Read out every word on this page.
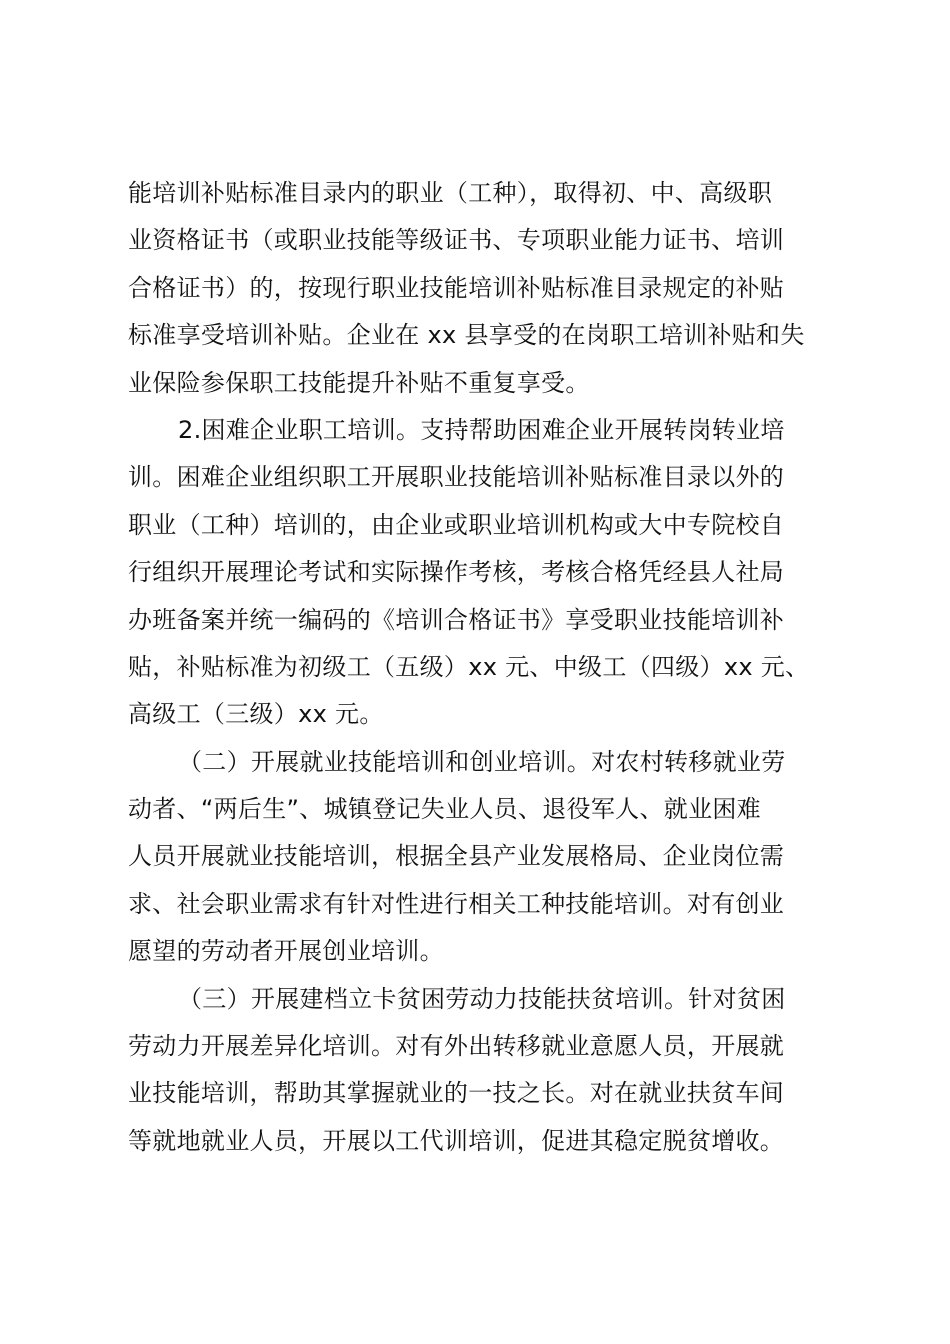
能培训补贴标准目录内的职业（工种），取得初、中、高级职
业资格证书（或职业技能等级证书、专项职业能力证书、培训
合格证书）的，按现行职业技能培训补贴标准目录规定的补贴
标准享受培训补贴。企业在 xx 县享受的在岗职工培训补贴和失
业保险参保职工技能提升补贴不重复享受。
2.困难企业职工培训。支持帮助困难企业开展转岗转业培
训。困难企业组织职工开展职业技能培训补贴标准目录以外的
职业（工种）培训的，由企业或职业培训机构或大中专院校自
行组织开展理论考试和实际操作考核，考核合格凭经县人社局
办班备案并统一编码的《培训合格证书》享受职业技能培训补
贴，补贴标准为初级工（五级）xx 元、中级工（四级）xx 元、
高级工（三级）xx 元。
（二）开展就业技能培训和创业培训。对农村转移就业劳
动者、“两后生”、城镇登记失业人员、退役军人、就业困难
人员开展就业技能培训，根据全县产业发展格局、企业岗位需
求、社会职业需求有针对性进行相关工种技能培训。对有创业
愿望的劳动者开展创业培训。
（三）开展建档立卡贫困劳动力技能扶贫培训。针对贫困
劳动力开展差异化培训。对有外出转移就业意愿人员，开展就
业技能培训，帮助其掌握就业的一技之长。对在就业扶贫车间
等就地就业人员，开展以工代训培训，促进其稳定脱贫增收。
